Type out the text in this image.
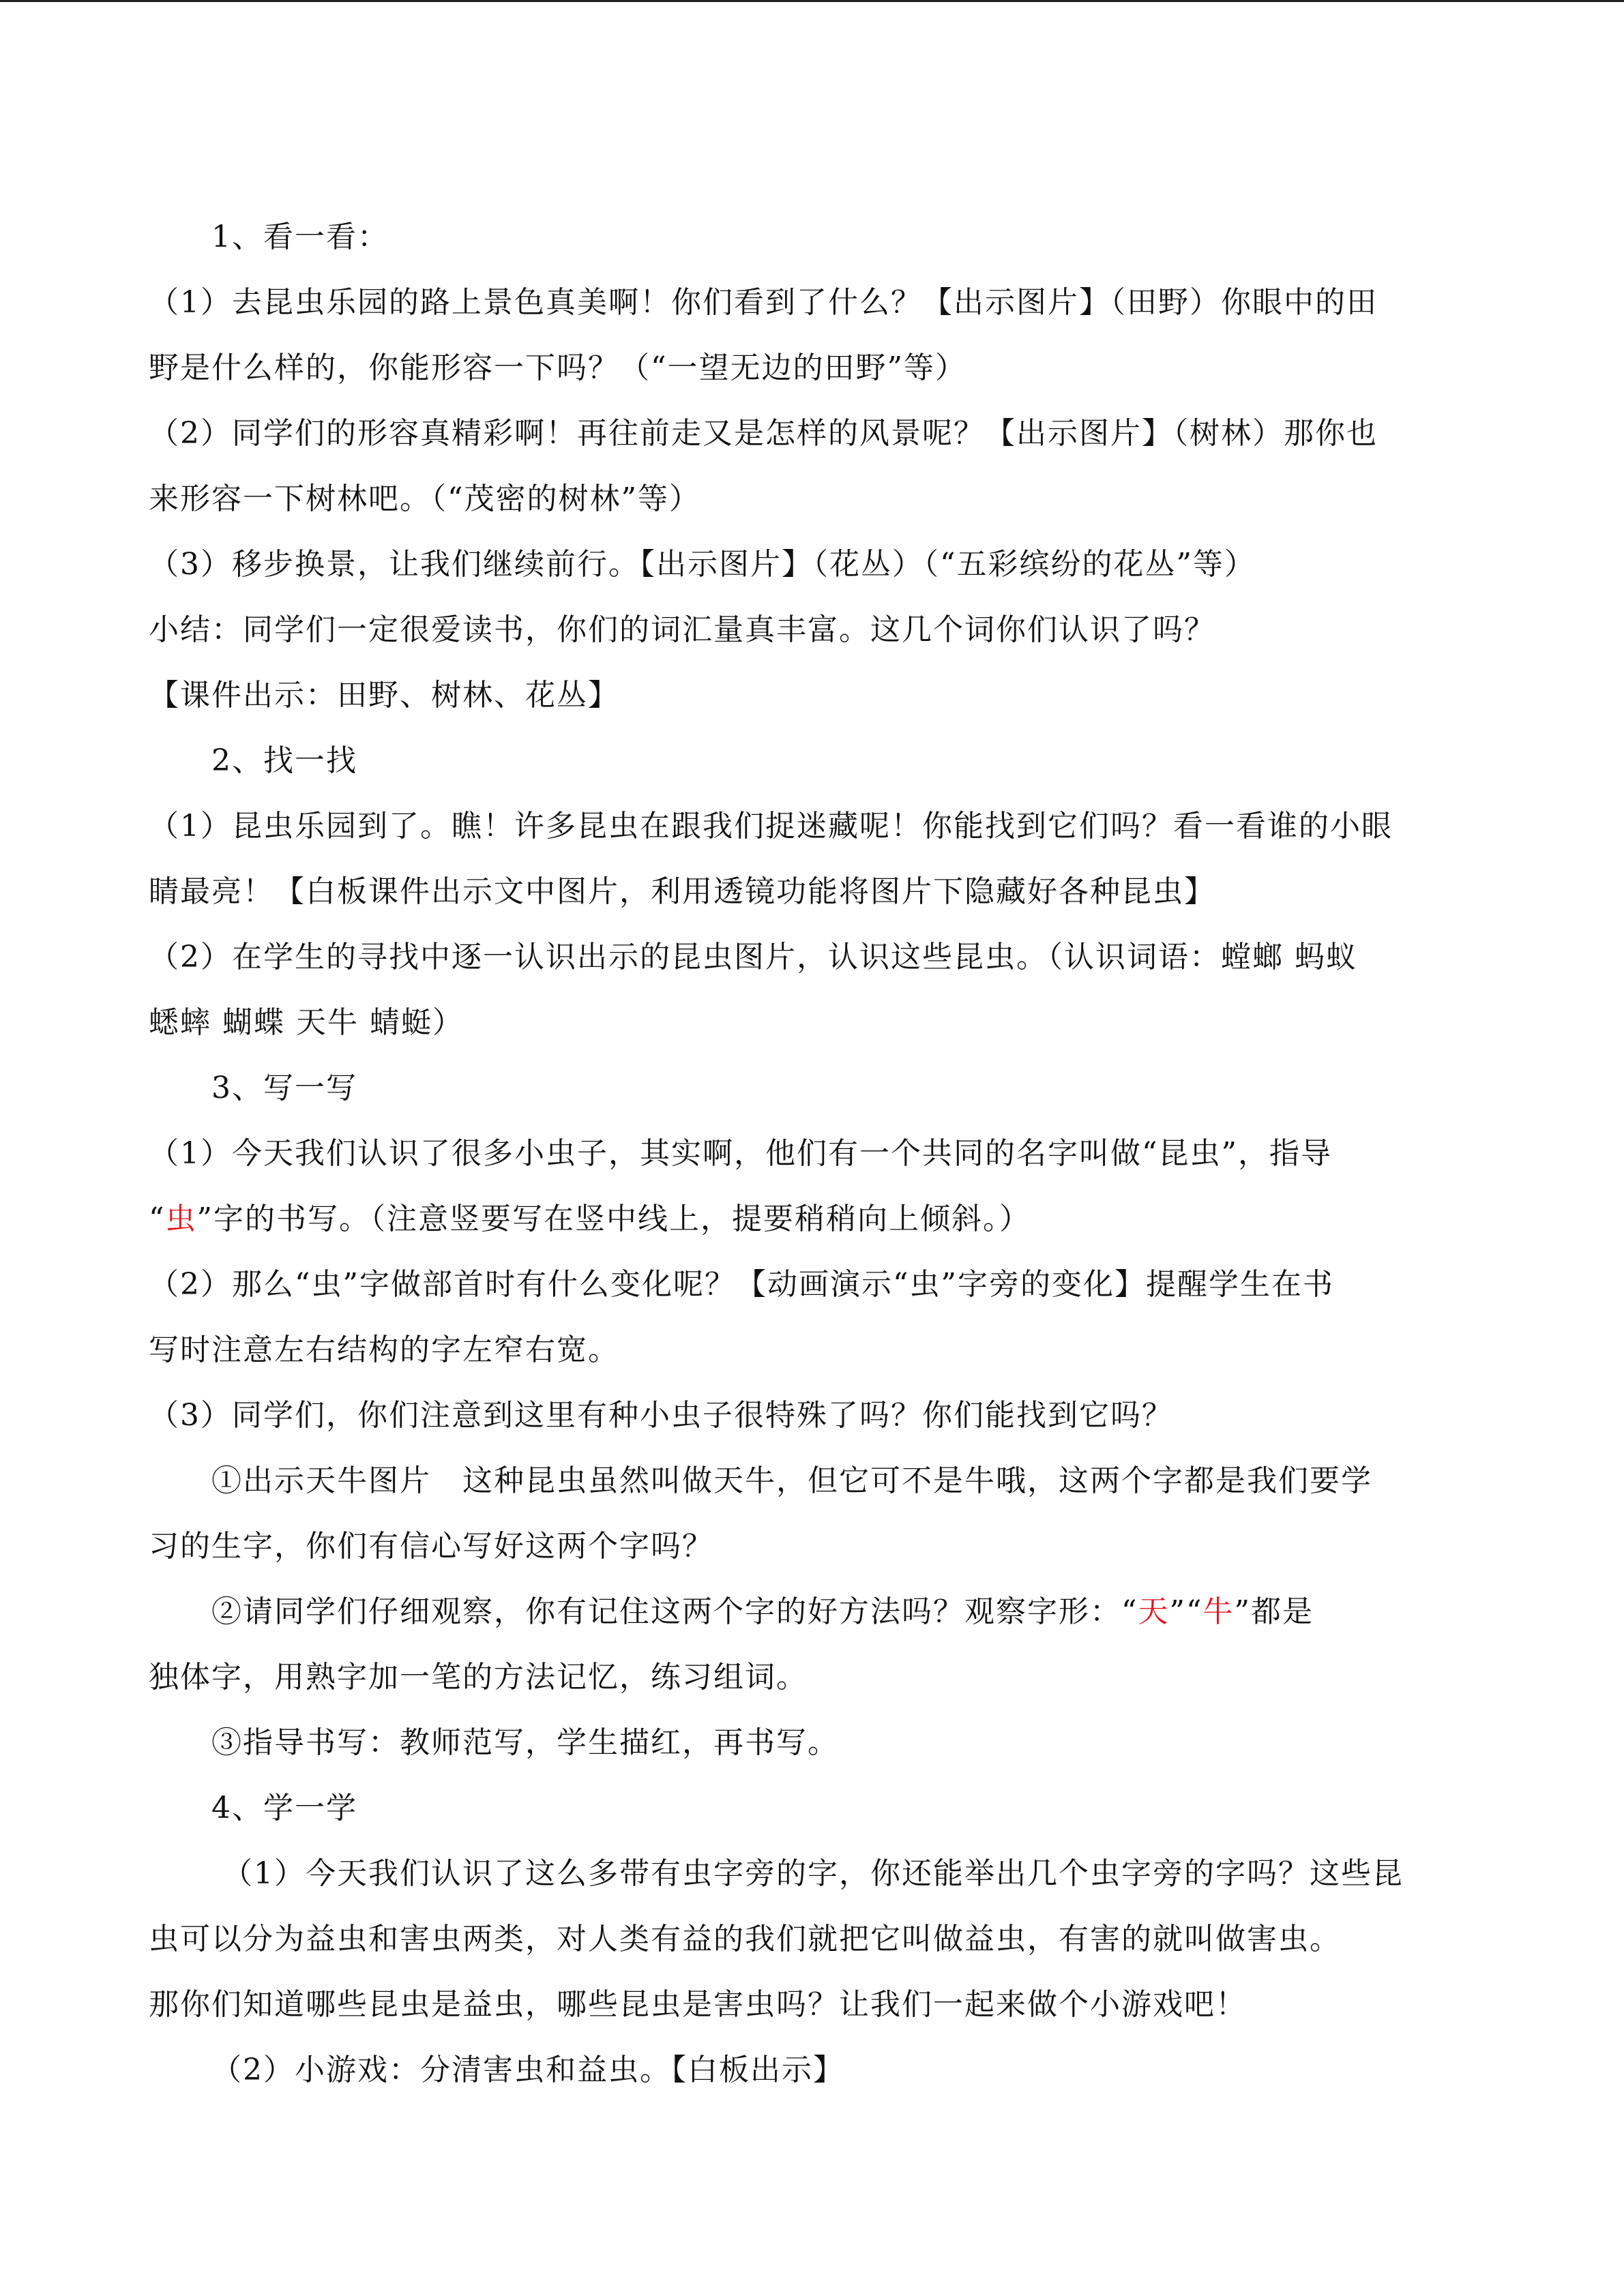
1、看一看：
（1）去昆虫乐园的路上景色真美啊！你们看到了什么？【出示图片】（田野）你眼中的田
野是什么样的，你能形容一下吗？（“一望无边的田野”等）
（2）同学们的形容真精彩啊！再往前走又是怎样的风景呢？【出示图片】（树林）那你也
来形容一下树林吧。（“茂密的树林”等）
（3）移步换景，让我们继续前行。【出示图片】（花丛）（“五彩缤纷的花丛”等）
小结：同学们一定很爱读书，你们的词汇量真丰富。这几个词你们认识了吗？
【课件出示：田野、树林、花丛】
2、找一找
（1）昆虫乐园到了。瞧！许多昆虫在跟我们捉迷藏呢！你能找到它们吗？看一看谁的小眼
睛最亮！【白板课件出示文中图片，利用透镜功能将图片下隐藏好各种昆虫】
（2）在学生的寻找中逐一认识出示的昆虫图片，认识这些昆虫。（认识词语：螳螂 蚂蚁
蟋蟀 蝴蝶 天牛 蜻蜓）
3、写一写
（1）今天我们认识了很多小虫子，其实啊，他们有一个共同的名字叫做“昆虫”，指导
“虫”字的书写。（注意竖要写在竖中线上，提要稍稍向上倾斜。）
（2）那么“虫”字做部首时有什么变化呢？【动画演示“虫”字旁的变化】提醒学生在书
写时注意左右结构的字左窄右宽。
（3）同学们，你们注意到这里有种小虫子很特殊了吗？你们能找到它吗？
①出示天牛图片　这种昆虫虽然叫做天牛，但它可不是牛哦，这两个字都是我们要学
习的生字，你们有信心写好这两个字吗？
②请同学们仔细观察，你有记住这两个字的好方法吗？观察字形：“天”“牛”都是
独体字，用熟字加一笔的方法记忆，练习组词。
③指导书写：教师范写，学生描红，再书写。
4、学一学
（1）今天我们认识了这么多带有虫字旁的字，你还能举出几个虫字旁的字吗？这些昆
虫可以分为益虫和害虫两类，对人类有益的我们就把它叫做益虫，有害的就叫做害虫。
那你们知道哪些昆虫是益虫，哪些昆虫是害虫吗？让我们一起来做个小游戏吧！
（2）小游戏：分清害虫和益虫。【白板出示】
